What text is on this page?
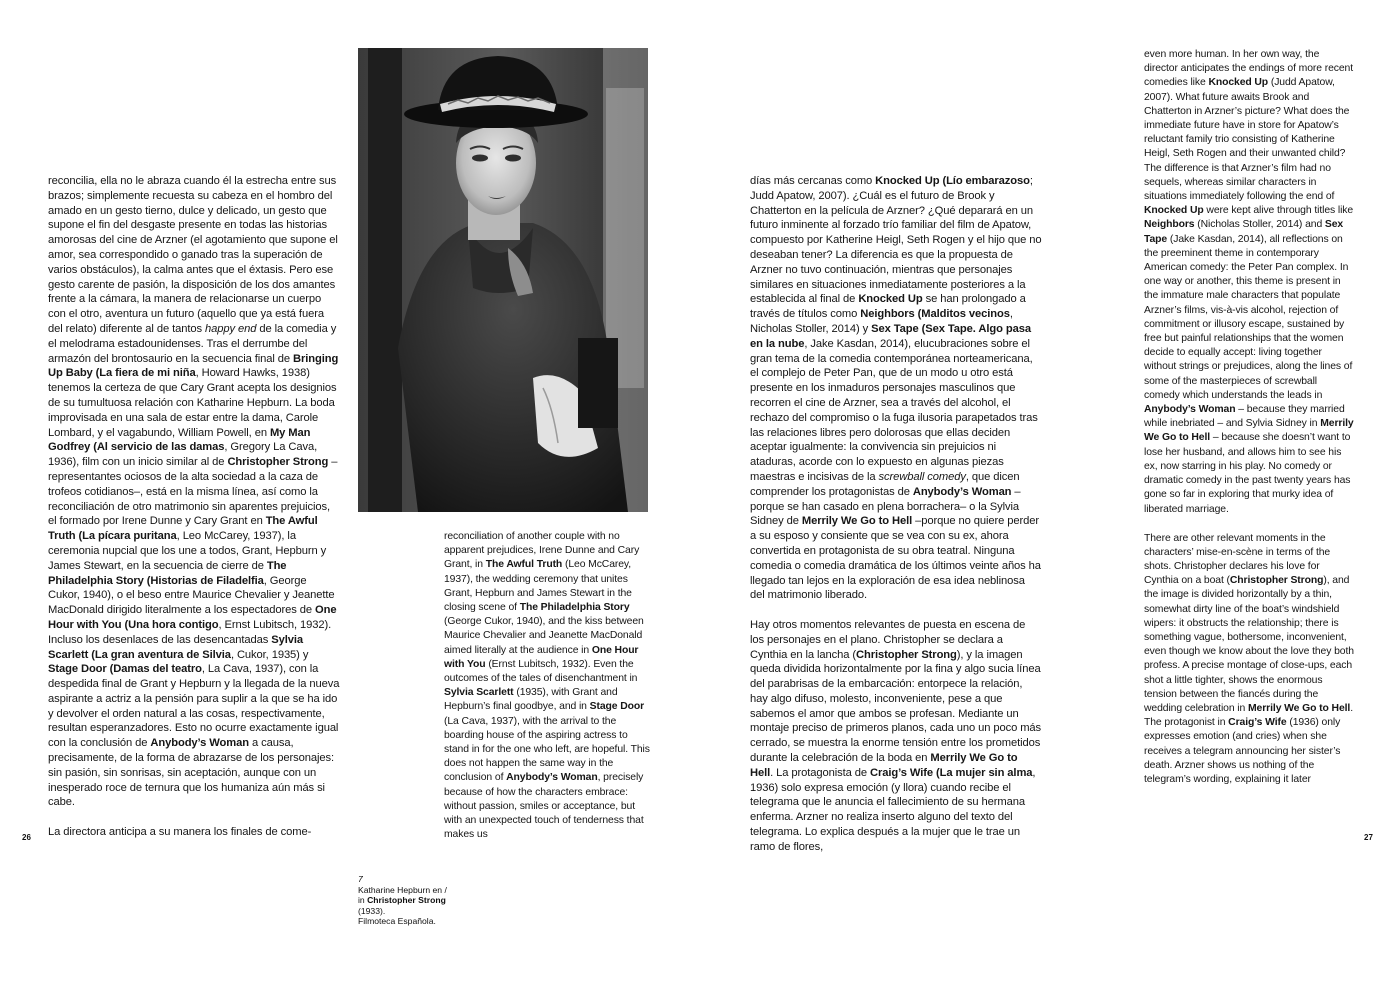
reconcilia, ella no le abraza cuando él la estrecha entre sus brazos; simplemente recuesta su cabeza en el hombro del amado en un gesto tierno, dulce y delicado, un gesto que supone el fin del desgaste presente en todas las historias amorosas del cine de Arzner (el agotamiento que supone el amor, sea correspondido o ganado tras la superación de varios obstáculos), la calma antes que el éxtasis. Pero ese gesto carente de pasión, la disposición de los dos amantes frente a la cámara, la manera de relacionarse un cuerpo con el otro, aventura un futuro (aquello que ya está fuera del relato) diferente al de tantos happy end de la comedia y el melodrama estadounidenses. Tras el derrumbe del armazón del brontosaurio en la secuencia final de Bringing Up Baby (La fiera de mi niña, Howard Hawks, 1938) tenemos la certeza de que Cary Grant acepta los designios de su tumultuosa relación con Katharine Hepburn. La boda improvisada en una sala de estar entre la dama, Carole Lombard, y el vagabundo, William Powell, en My Man Godfrey (Al servicio de las damas, Gregory La Cava, 1936), film con un inicio similar al de Christopher Strong –representantes ociosos de la alta sociedad a la caza de trofeos cotidianos–, está en la misma línea, así como la reconciliación de otro matrimonio sin aparentes prejuicios, el formado por Irene Dunne y Cary Grant en The Awful Truth (La pícara puritana, Leo McCarey, 1937), la ceremonia nupcial que los une a todos, Grant, Hepburn y James Stewart, en la secuencia de cierre de The Philadelphia Story (Historias de Filadelfia, George Cukor, 1940), o el beso entre Maurice Chevalier y Jeanette MacDonald dirigido literalmente a los espectadores de One Hour with You (Una hora contigo, Ernst Lubitsch, 1932). Incluso los desenlaces de las desencantadas Sylvia Scarlett (La gran aventura de Silvia, Cukor, 1935) y Stage Door (Damas del teatro, La Cava, 1937), con la despedida final de Grant y Hepburn y la llegada de la nueva aspirante a actriz a la pensión para suplir a la que se ha ido y devolver el orden natural a las cosas, respectivamente, resultan esperanzadores. Esto no ocurre exactamente igual con la conclusión de Anybody’s Woman a causa, precisamente, de la forma de abrazarse de los personajes: sin pasión, sin sonrisas, sin aceptación, aunque con un inesperado roce de ternura que los humaniza aún más si cabe.

La directora anticipa a su manera los finales de come-

7
Katharine Hepburn en /
in Christopher Strong
(1933).
Filmoteca Española.

reconciliation of another couple with no apparent prejudices, Irene Dunne and Cary Grant, in The Awful Truth (Leo McCarey, 1937), the wedding ceremony that unites Grant, Hepburn and James Stewart in the closing scene of The Philadelphia Story (George Cukor, 1940), and the kiss between Maurice Chevalier and Jeanette MacDonald aimed literally at the audience in One Hour with You (Ernst Lubitsch, 1932). Even the outcomes of the tales of disenchantment in Sylvia Scarlett (1935), with Grant and Hepburn’s final goodbye, and in Stage Door (La Cava, 1937), with the arrival to the boarding house of the aspiring actress to stand in for the one who left, are hopeful. This does not happen the same way in the conclusion of Anybody’s Woman, precisely because of how the characters embrace: without passion, smiles or acceptance, but with an unexpected touch of tenderness that makes us

días más cercanas como Knocked Up (Lío embarazoso; Judd Apatow, 2007). ¿Cuál es el futuro de Brook y Chatterton en la película de Arzner? ¿Qué deparará en un futuro inminente al forzado trío familiar del film de Apatow, compuesto por Katherine Heigl, Seth Rogen y el hijo que no deseaban tener? La diferencia es que la propuesta de Arzner no tuvo continuación, mientras que personajes similares en situaciones inmediatamente posteriores a la establecida al final de Knocked Up se han prolongado a través de títulos como Neighbors (Malditos vecinos, Nicholas Stoller, 2014) y Sex Tape (Sex Tape. Algo pasa en la nube, Jake Kasdan, 2014), elucubraciones sobre el gran tema de la comedia contemporánea norteamericana, el complejo de Peter Pan, que de un modo u otro está presente en los inmaduros personajes masculinos que recorren el cine de Arzner, sea a través del alcohol, el rechazo del compromiso o la fuga ilusoria parapetados tras las relaciones libres pero dolorosas que ellas deciden aceptar igualmente: la convivencia sin prejuicios ni ataduras, acorde con lo expuesto en algunas piezas maestras e incisivas de la screwball comedy, que dicen comprender los protagonistas de Anybody’s Woman –porque se han casado en plena borrachera– o la Sylvia Sidney de Merrily We Go to Hell –porque no quiere perder a su esposo y consiente que se vea con su ex, ahora convertida en protagonista de su obra teatral. Ninguna comedia o comedia dramática de los últimos veinte años ha llegado tan lejos en la exploración de esa idea neblinosa del matrimonio liberado.

Hay otros momentos relevantes de puesta en escena de los personajes en el plano. Christopher se declara a Cynthia en la lancha (Christopher Strong), y la imagen queda dividida horizontalmente por la fina y algo sucia línea del parabrisas de la embarcación: entorpece la relación, hay algo difuso, molesto, inconveniente, pese a que sabemos el amor que ambos se profesan. Mediante un montaje preciso de primeros planos, cada uno un poco más cerrado, se muestra la enorme tensión entre los prometidos durante la celebración de la boda en Merrily We Go to Hell. La protagonista de Craig’s Wife (La mujer sin alma, 1936) solo expresa emoción (y llora) cuando recibe el telegrama que le anuncia el fallecimiento de su hermana enferma. Arzner no realiza inserto alguno del texto del telegrama. Lo explica después a la mujer que le trae un ramo de flores,

even more human. In her own way, the director anticipates the endings of more recent comedies like Knocked Up (Judd Apatow, 2007). What future awaits Brook and Chatterton in Arzner’s picture? What does the immediate future have in store for Apatow’s reluctant family trio consisting of Katherine Heigl, Seth Rogen and their unwanted child? The difference is that Arzner’s film had no sequels, whereas similar characters in situations immediately following the end of Knocked Up were kept alive through titles like Neighbors (Nicholas Stoller, 2014) and Sex Tape (Jake Kasdan, 2014), all reflections on the preeminent theme in contemporary American comedy: the Peter Pan complex. In one way or another, this theme is present in the immature male characters that populate Arzner’s films, vis-à-vis alcohol, rejection of commitment or illusory escape, sustained by free but painful relationships that the women decide to equally accept: living together without strings or prejudices, along the lines of some of the masterpieces of screwball comedy which understands the leads in Anybody’s Woman – because they married while inebriated – and Sylvia Sidney in Merrily We Go to Hell – because she doesn’t want to lose her husband, and allows him to see his ex, now starring in his play. No comedy or dramatic comedy in the past twenty years has gone so far in exploring that murky idea of liberated marriage.

There are other relevant moments in the characters’ mise-en-scène in terms of the shots. Christopher declares his love for Cynthia on a boat (Christopher Strong), and the image is divided horizontally by a thin, somewhat dirty line of the boat’s windshield wipers: it obstructs the relationship; there is something vague, bothersome, inconvenient, even though we know about the love they both profess. A precise montage of close-ups, each shot a little tighter, shows the enormous tension between the fiancés during the wedding celebration in Merrily We Go to Hell. The protagonist in Craig’s Wife (1936) only expresses emotion (and cries) when she receives a telegram announcing her sister’s death. Arzner shows us nothing of the telegram’s wording, explaining it later

26	27
